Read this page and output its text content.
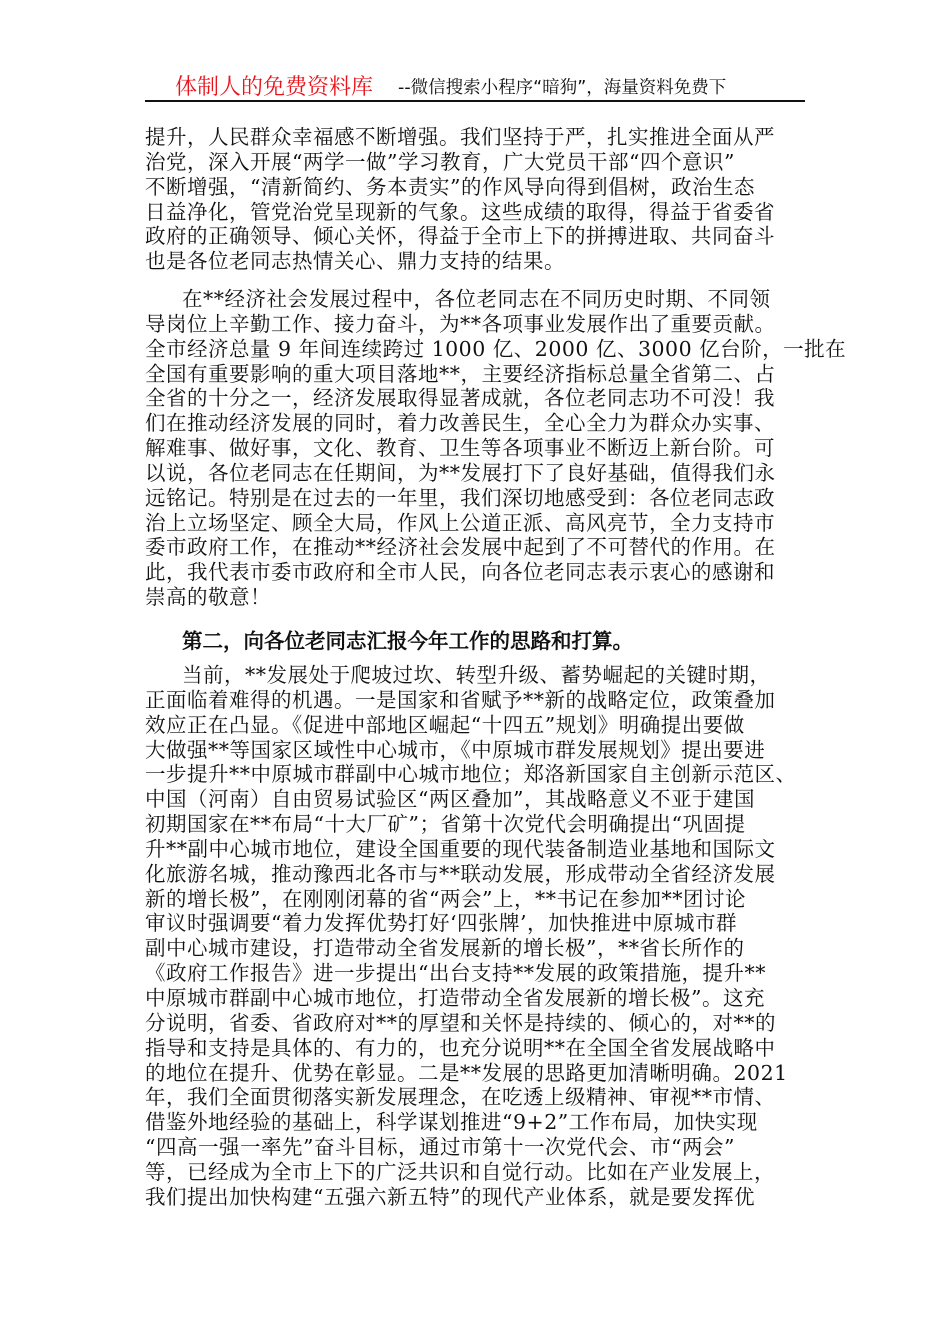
体制人的免费资料库 --微信搜索小程序“暗狗”，海量资料免费下
提升，人民群众幸福感不断增强。我们坚持于严，扎实推进全面从严
治党，深入开展“两学一做”学习教育，广大党员干部“四个意识”
不断增强，“清新简约、务本责实”的作风导向得到倡树，政治生态
日益净化，管党治党呈现新的气象。这些成绩的取得，得益于省委省
政府的正确领导、倾心关怀，得益于全市上下的拼搏进取、共同奋斗
也是各位老同志热情关心、鼎力支持的结果。
在**经济社会发展过程中，各位老同志在不同历史时期、不同领
导岗位上辛勤工作、接力奋斗，为**各项事业发展作出了重要贡献。
全市经济总量 9 年间连续跨过 1000 亿、2000 亿、3000 亿台阶，一批在
全国有重要影响的重大项目落地**，主要经济指标总量全省第二、占
全省的十分之一，经济发展取得显著成就，各位老同志功不可没！我
们在推动经济发展的同时，着力改善民生，全心全力为群众办实事、
解难事、做好事，文化、教育、卫生等各项事业不断迈上新台阶。可
以说，各位老同志在任期间，为**发展打下了良好基础，值得我们永
远铭记。特别是在过去的一年里，我们深切地感受到：各位老同志政
治上立场坚定、顾全大局，作风上公道正派、高风亮节，全力支持市
委市政府工作，在推动**经济社会发展中起到了不可替代的作用。在
此，我代表市委市政府和全市人民，向各位老同志表示衷心的感谢和
崇高的敬意！
第二，向各位老同志汇报今年工作的思路和打算。
当前，**发展处于爬坡过坎、转型升级、蓄势崛起的关键时期，
正面临着难得的机遇。一是国家和省赋予**新的战略定位，政策叠加
效应正在凸显。《促进中部地区崛起“十四五”规划》明确提出要做
大做强**等国家区域性中心城市，《中原城市群发展规划》提出要进
一步提升**中原城市群副中心城市地位；郑洛新国家自主创新示范区、
中国（河南）自由贸易试验区“两区叠加”，其战略意义不亚于建国
初期国家在**布局“十大厂矿”；省第十次党代会明确提出“巩固提
升**副中心城市地位，建设全国重要的现代装备制造业基地和国际文
化旅游名城，推动豫西北各市与**联动发展，形成带动全省经济发展
新的增长极”，在刚刚闭幕的省“两会”上，**书记在参加**团讨论
审议时强调要“着力发挥优势打好‘四张牌’，加快推进中原城市群
副中心城市建设，打造带动全省发展新的增长极”，**省长所作的
《政府工作报告》进一步提出“出台支持**发展的政策措施，提升**
中原城市群副中心城市地位，打造带动全省发展新的增长极”。这充
分说明，省委、省政府对**的厚望和关怀是持续的、倾心的，对**的
指导和支持是具体的、有力的，也充分说明**在全国全省发展战略中
的地位在提升、优势在彰显。二是**发展的思路更加清晰明确。2021
年，我们全面贯彻落实新发展理念，在吃透上级精神、审视**市情、
借鉴外地经验的基础上，科学谋划推进“9+2”工作布局，加快实现
“四高一强一率先”奋斗目标，通过市第十一次党代会、市“两会”
等，已经成为全市上下的广泛共识和自觉行动。比如在产业发展上，
我们提出加快构建“五强六新五特”的现代产业体系，就是要发挥优
